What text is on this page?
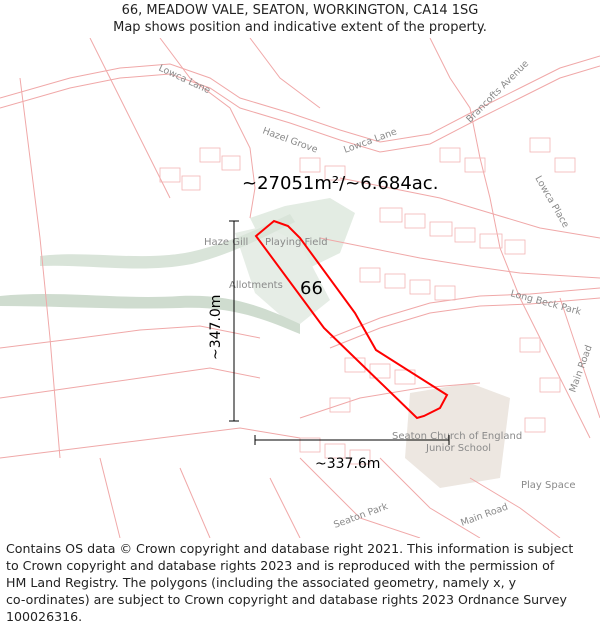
66, MEADOW VALE, SEATON, WORKINGTON, CA14 1SG
Map shows position and indicative extent of the property.
Lowca Lane
Lowca Lane
Hazel Grove
Brancofts Avenue
Lowca Place
Main Road
Long Beck Park
Main Road
Seaton Park
Haze Gill Playing Field
Allotments
Seaton Church of England
Junior School
Play Space
~27051m²/~6.684ac.
66
~347.0m
~337.6m
Contains OS data © Crown copyright and database right 2021. This information is subject
to Crown copyright and database rights 2023 and is reproduced with the permission of
HM Land Registry. The polygons (including the associated geometry, namely x, y
co-ordinates) are subject to Crown copyright and database rights 2023 Ordnance Survey
100026316.
